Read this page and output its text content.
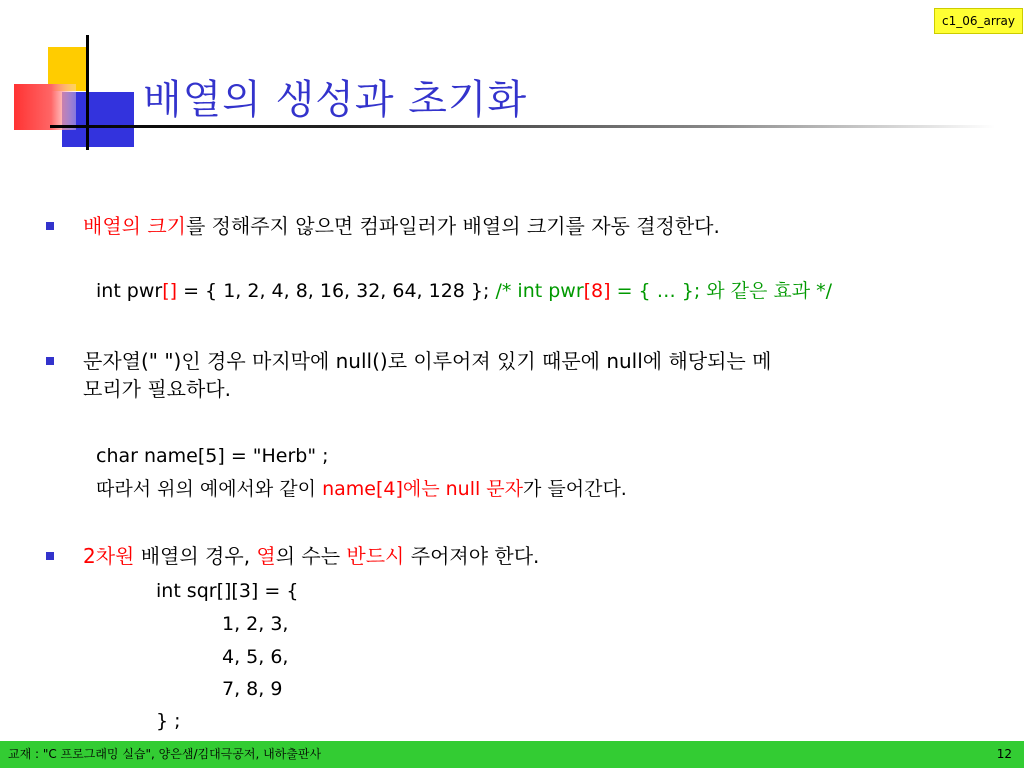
c1_06_array
배열의 생성과 초기화
배열의 크기를 정해주지 않으면 컴파일러가 배열의 크기를 자동 결정한다.
int pwr[] = { 1, 2, 4, 8, 16, 32, 64, 128 }; /* int pwr[8] = { … }; 와 같은 효과 */
문자열(" ")인 경우 마지막에 null()로 이루어져 있기 때문에 null에 해당되는 메
모리가 필요하다.
char name[5] = "Herb" ;
따라서 위의 예에서와 같이 name[4]에는 null 문자가 들어간다.
2차원 배열의 경우, 열의 수는 반드시 주어져야 한다.
int sqr[][3] = {
1, 2, 3,
4, 5, 6,
7, 8, 9
} ;
교재 : "C 프로그래밍 실습", 양은샘/김대극공저, 내하출판사	12
